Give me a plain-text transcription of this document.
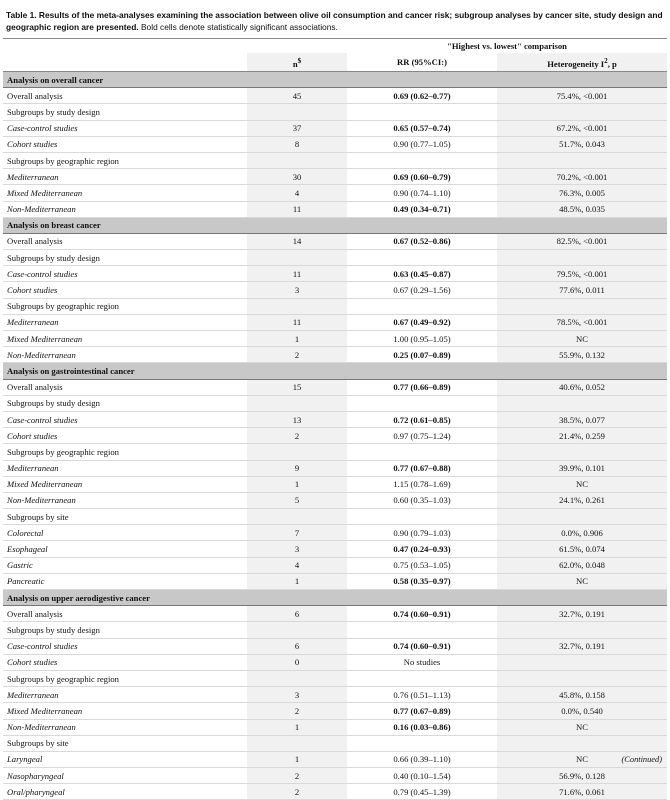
Table 1. Results of the meta-analyses examining the association between olive oil consumption and cancer risk; subgroup analyses by cancer site, study design and geographic region are presented. Bold cells denote statistically significant associations.
		"Highest vs. lowest" comparison	
	n$	RR (95%CI:)	Heterogeneity $I^2$, p
Analysis on overall cancer			
Overall analysis	45	0.69 (0.62–0.77)	75.4%, <0.001
Subgroups by study design			
Case-control studies	37	0.65 (0.57–0.74)	67.2%, <0.001
Cohort studies	8	0.90 (0.77–1.05)	51.7%, 0.043
Subgroups by geographic region			
Mediterranean	30	0.69 (0.60–0.79)	70.2%, <0.001
Mixed Mediterranean	4	0.90 (0.74–1.10)	76.3%, 0.005
Non-Mediterranean	11	0.49 (0.34–0.71)	48.5%, 0.035
Analysis on breast cancer			
Overall analysis	14	0.67 (0.52–0.86)	82.5%, <0.001
Subgroups by study design			
Case-control studies	11	0.63 (0.45–0.87)	79.5%, <0.001
Cohort studies	3	0.67 (0.29–1.56)	77.6%, 0.011
Subgroups by geographic region			
Mediterranean	11	0.67 (0.49–0.92)	78.5%, <0.001
Mixed Mediterranean	1	1.00 (0.95–1.05)	NC
Non-Mediterranean	2	0.25 (0.07–0.89)	55.9%, 0.132
Analysis on gastrointestinal cancer			
Overall analysis	15	0.77 (0.66–0.89)	40.6%, 0.052
Subgroups by study design			
Case-control studies	13	0.72 (0.61–0.85)	38.5%, 0.077
Cohort studies	2	0.97 (0.75–1.24)	21.4%, 0.259
Subgroups by geographic region			
Mediterranean	9	0.77 (0.67–0.88)	39.9%, 0.101
Mixed Mediterranean	1	1.15 (0.78–1.69)	NC
Non-Mediterranean	5	0.60 (0.35–1.03)	24.1%, 0.261
Subgroups by site			
Colorectal	7	0.90 (0.79–1.03)	0.0%, 0.906
Esophageal	3	0.47 (0.24–0.93)	61.5%, 0.074
Gastric	4	0.75 (0.53–1.05)	62.0%, 0.048
Pancreatic	1	0.58 (0.35–0.97)	NC
Analysis on upper aerodigestive cancer			
Overall analysis	6	0.74 (0.60–0.91)	32.7%, 0.191
Subgroups by study design			
Case-control studies	6	0.74 (0.60–0.91)	32.7%, 0.191
Cohort studies	0	No studies	
Subgroups by geographic region			
Mediterranean	3	0.76 (0.51–1.13)	45.8%, 0.158
Mixed Mediterranean	2	0.77 (0.67–0.89)	0.0%, 0.540
Non-Mediterranean	1	0.16 (0.03–0.86)	NC
Subgroups by site			
Laryngeal	1	0.66 (0.39–1.10)	NC
Nasopharyngeal	2	0.40 (0.10–1.54)	56.9%, 0.128
Oral/pharyngeal	2	0.79 (0.45–1.39)	71.6%, 0.061
(Continued)
